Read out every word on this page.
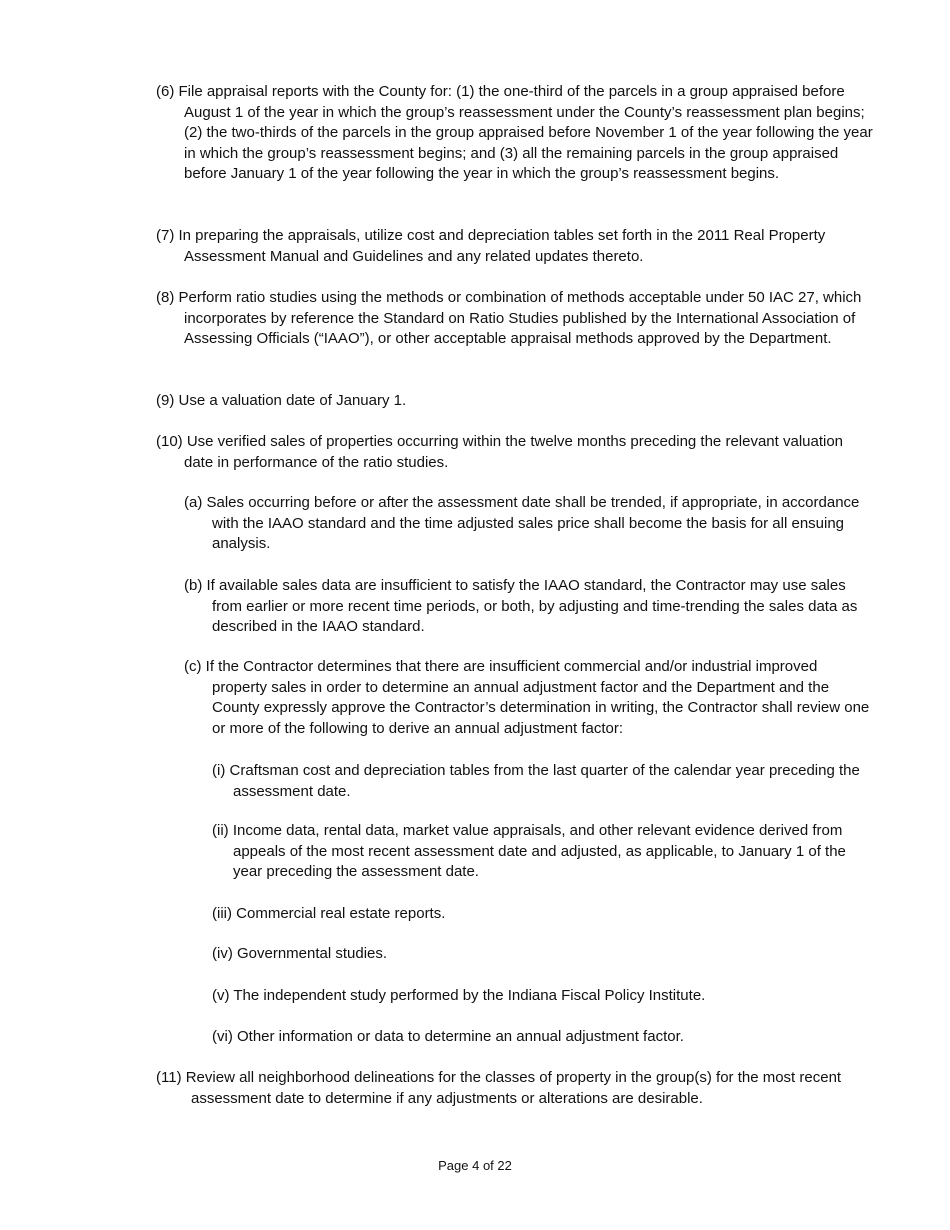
(6) File appraisal reports with the County for: (1) the one-third of the parcels in a group appraised before August 1 of the year in which the group’s reassessment under the County’s reassessment plan begins; (2) the two-thirds of the parcels in the group appraised before November 1 of the year following the year in which the group’s reassessment begins; and (3) all the remaining parcels in the group appraised before January 1 of the year following the year in which the group’s reassessment begins.

(7) In preparing the appraisals, utilize cost and depreciation tables set forth in the 2011 Real Property Assessment Manual and Guidelines and any related updates thereto.

(8) Perform ratio studies using the methods or combination of methods acceptable under 50 IAC 27, which incorporates by reference the Standard on Ratio Studies published by the International Association of Assessing Officials (“IAAO”), or other acceptable appraisal methods approved by the Department.

(9) Use a valuation date of January 1.

(10) Use verified sales of properties occurring within the twelve months preceding the relevant valuation date in performance of the ratio studies.

(a) Sales occurring before or after the assessment date shall be trended, if appropriate, in accordance with the IAAO standard and the time adjusted sales price shall become the basis for all ensuing analysis.

(b) If available sales data are insufficient to satisfy the IAAO standard, the Contractor may use sales from earlier or more recent time periods, or both, by adjusting and time-trending the sales data as described in the IAAO standard.

(c) If the Contractor determines that there are insufficient commercial and/or industrial improved property sales in order to determine an annual adjustment factor and the Department and the County expressly approve the Contractor’s determination in writing, the Contractor shall review one or more of the following to derive an annual adjustment factor:

(i) Craftsman cost and depreciation tables from the last quarter of the calendar year preceding the assessment date.

(ii) Income data, rental data, market value appraisals, and other relevant evidence derived from appeals of the most recent assessment date and adjusted, as applicable, to January 1 of the year preceding the assessment date.

(iii) Commercial real estate reports.

(iv) Governmental studies.

(v) The independent study performed by the Indiana Fiscal Policy Institute.

(vi) Other information or data to determine an annual adjustment factor.

(11) Review all neighborhood delineations for the classes of property in the group(s) for the most recent assessment date to determine if any adjustments or alterations are desirable.

Page 4 of 22
